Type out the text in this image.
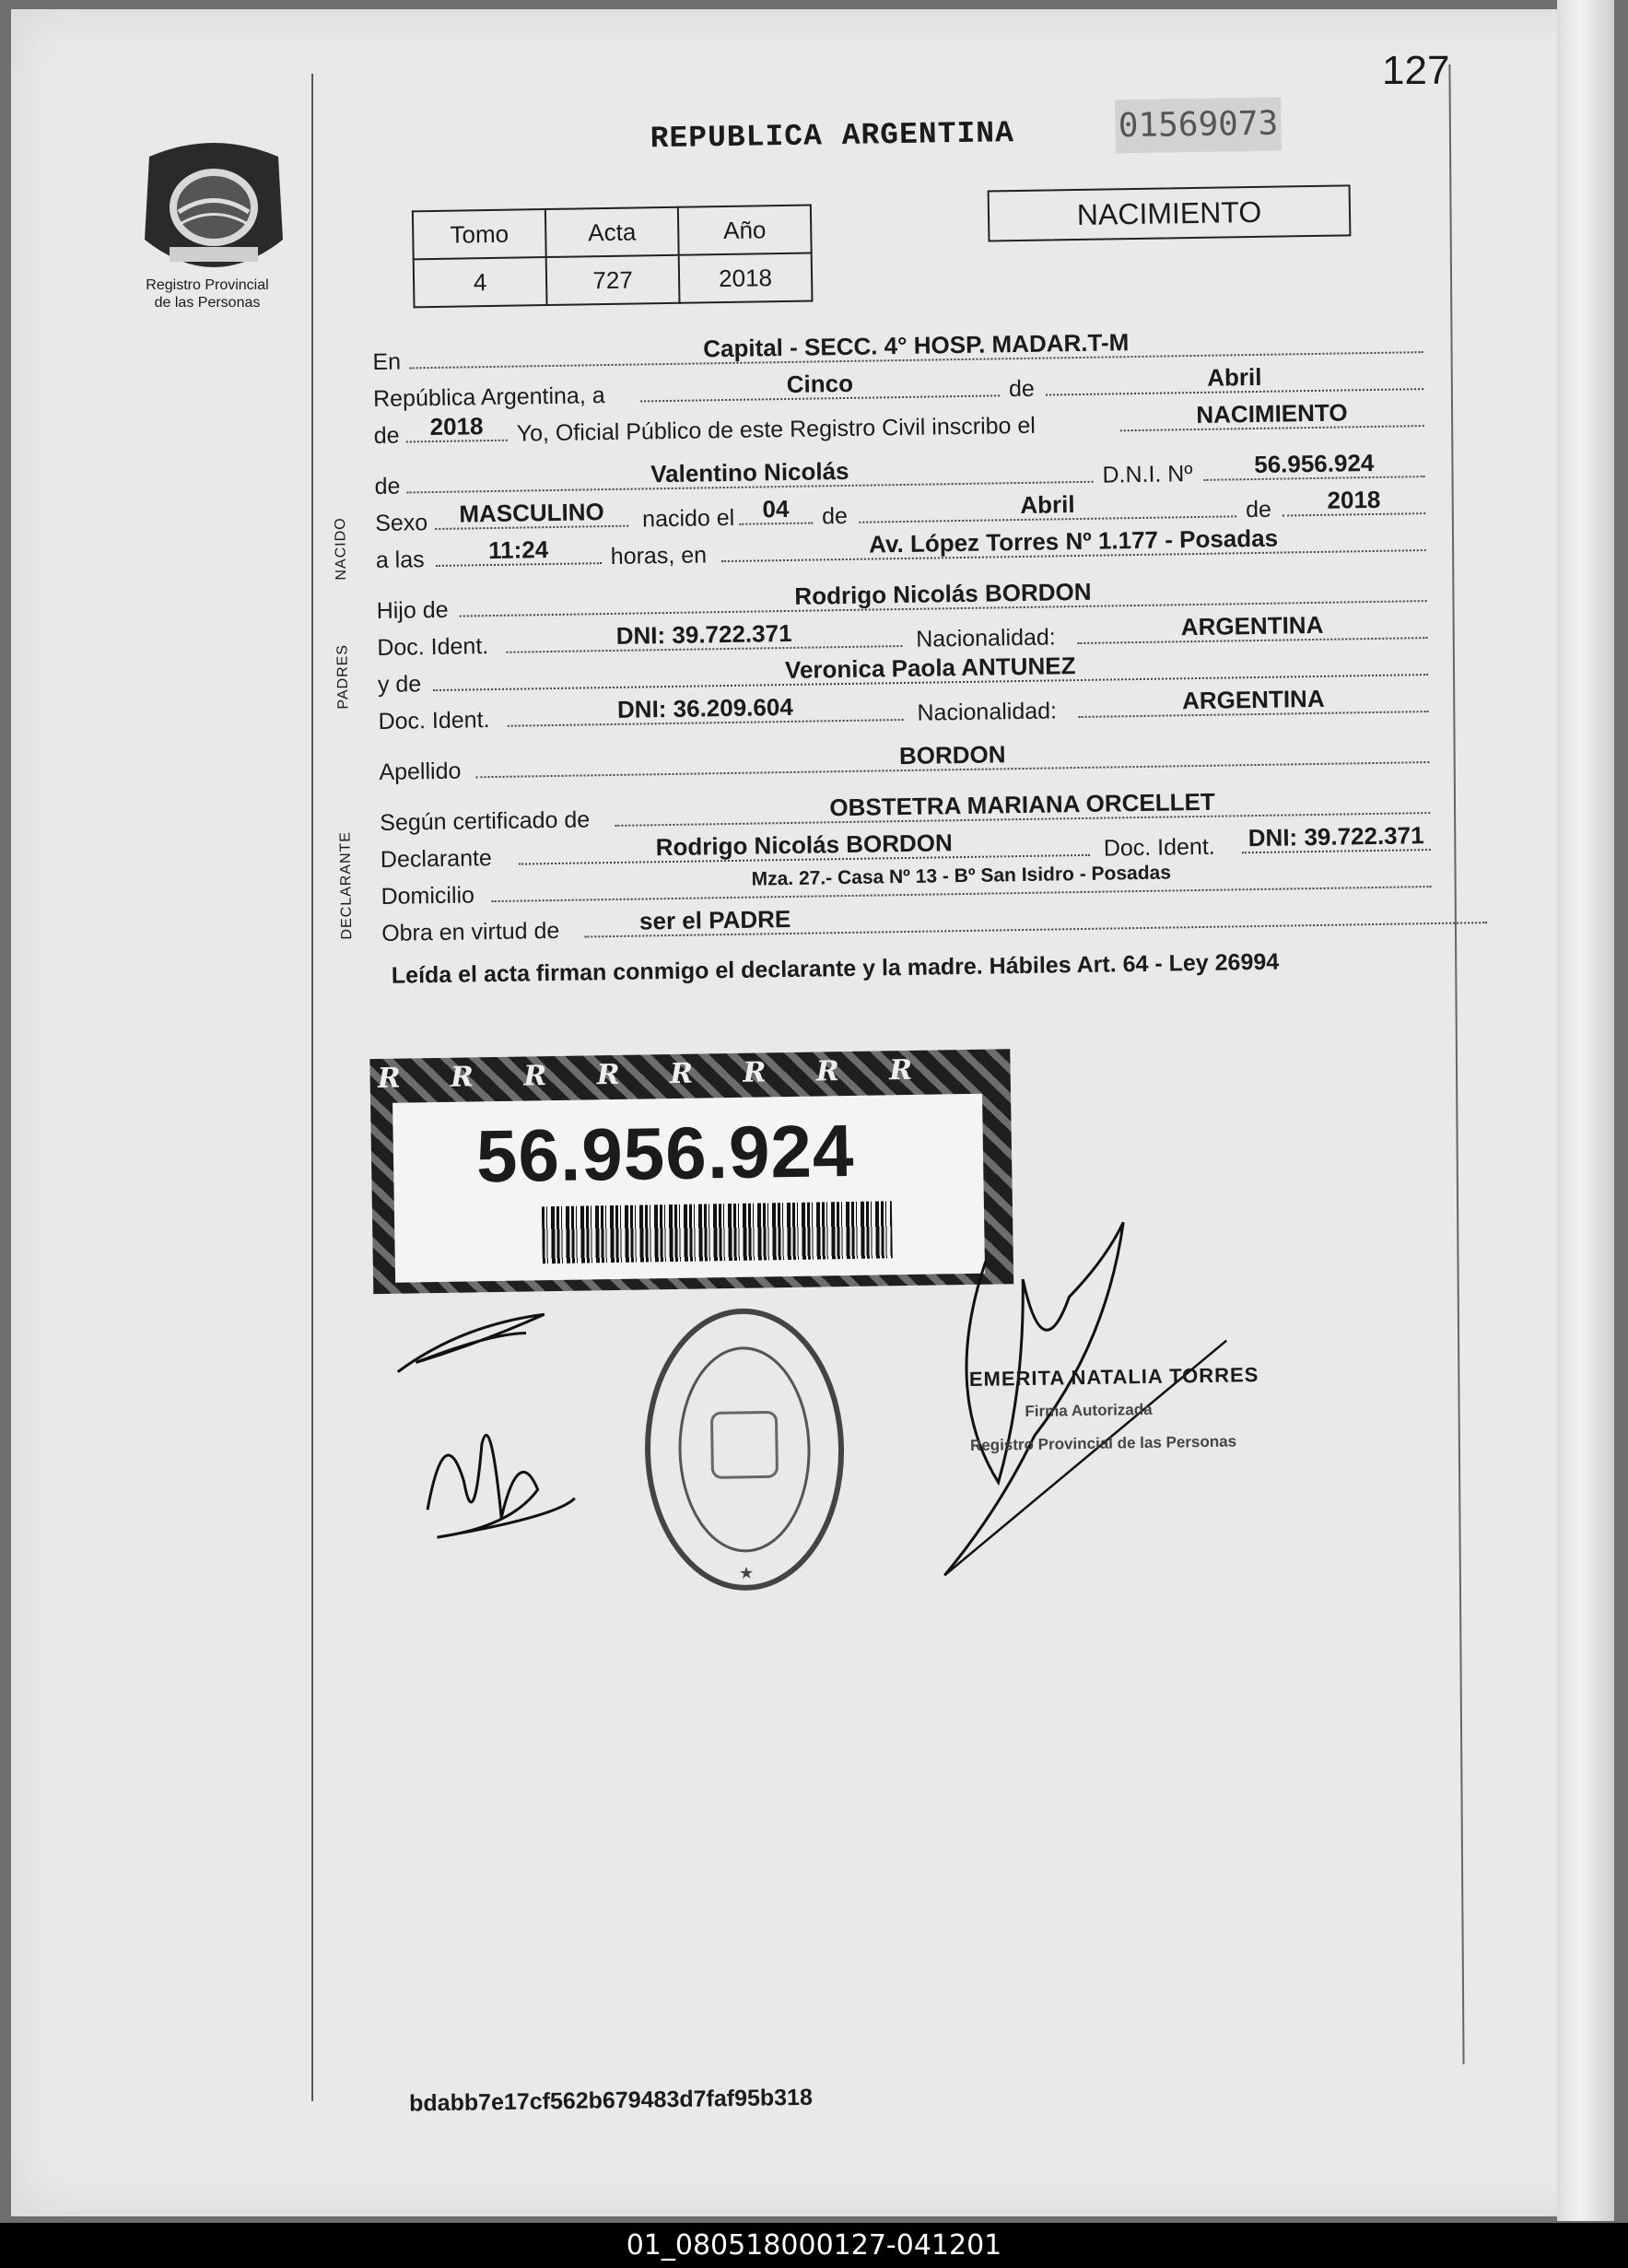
127
Registro Provincial
de las Personas
REPUBLICA ARGENTINA	01569073
Tomo	Acta	Año
4	727	2018
NACIMIENTO
NACIDO
PADRES
DECLARANTE
En	Capital - SECC. 4° HOSP. MADAR.T-M
República Argentina, a	Cinco	de	Abril
de	2018	Yo, Oficial Público de este Registro Civil inscribo el	NACIMIENTO
de	Valentino Nicolás	D.N.I. Nº	56.956.924
Sexo	MASCULINO	nacido el	04	de	Abril	de	2018
a las	11:24	horas, en	Av. López Torres Nº 1.177 - Posadas
Hijo de
Rodrigo Nicolás BORDON
Doc. Ident.	DNI: 39.722.371	Nacionalidad:	ARGENTINA
y de
Veronica Paola ANTUNEZ
Doc. Ident.	DNI: 36.209.604	Nacionalidad:	ARGENTINA
Apellido
BORDON
Según certificado de	OBSTETRA MARIANA ORCELLET
Declarante	Rodrigo Nicolás BORDON	Doc. Ident. DNI: 39.722.371
Domicilio
Mza. 27.- Casa Nº 13 - Bº San Isidro - Posadas
Obra en virtud de	ser el PADRE
Leída el acta firman conmigo el declarante y la madre. Hábiles Art. 64 - Ley 26994
R R R R R R R R
56.956.924
★
EMERITA NATALIA TORRES
Firma Autorizada
Registro Provincial de las Personas
bdabb7e17cf562b679483d7faf95b318
01_080518000127-041201
